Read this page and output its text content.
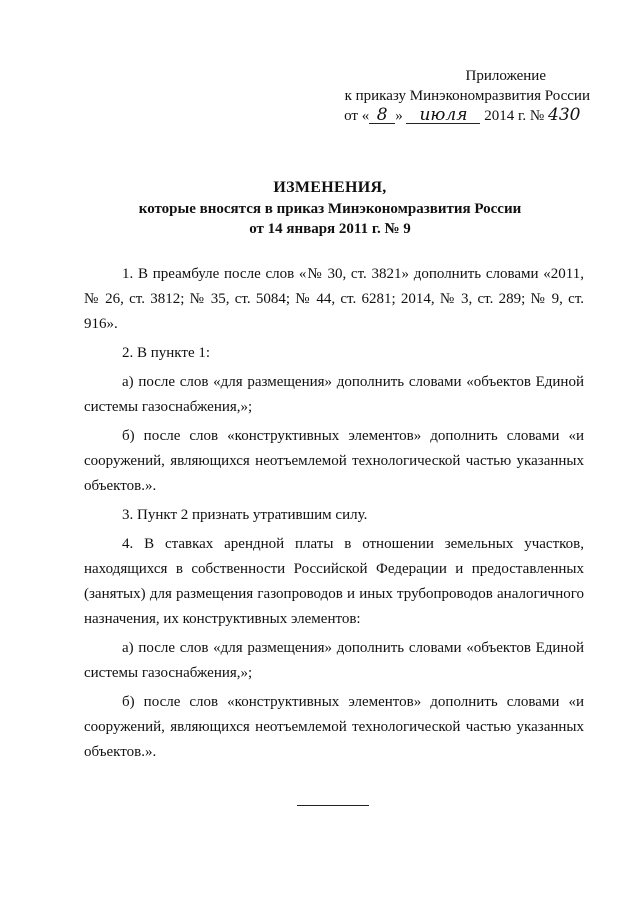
Приложение
к приказу Минэкономразвития России
от « 8 » июля 2014 г. № 430
ИЗМЕНЕНИЯ,
которые вносятся в приказ Минэкономразвития России
от 14 января 2011 г. № 9

1. В преамбуле после слов «№ 30, ст. 3821» дополнить словами «2011, № 26, ст. 3812; № 35, ст. 5084; № 44, ст. 6281; 2014, № 3, ст. 289; № 9, ст. 916».

2. В пункте 1:

а) после слов «для размещения» дополнить словами «объектов Единой системы газоснабжения,»;

б) после слов «конструктивных элементов» дополнить словами «и сооружений, являющихся неотъемлемой технологической частью указанных объектов.».

3. Пункт 2 признать утратившим силу.

4. В ставках арендной платы в отношении земельных участков, находящихся в собственности Российской Федерации и предоставленных (занятых) для размещения газопроводов и иных трубопроводов аналогичного назначения, их конструктивных элементов:

а) после слов «для размещения» дополнить словами «объектов Единой системы газоснабжения,»;

б) после слов «конструктивных элементов» дополнить словами «и сооружений, являющихся неотъемлемой технологической частью указанных объектов.».
